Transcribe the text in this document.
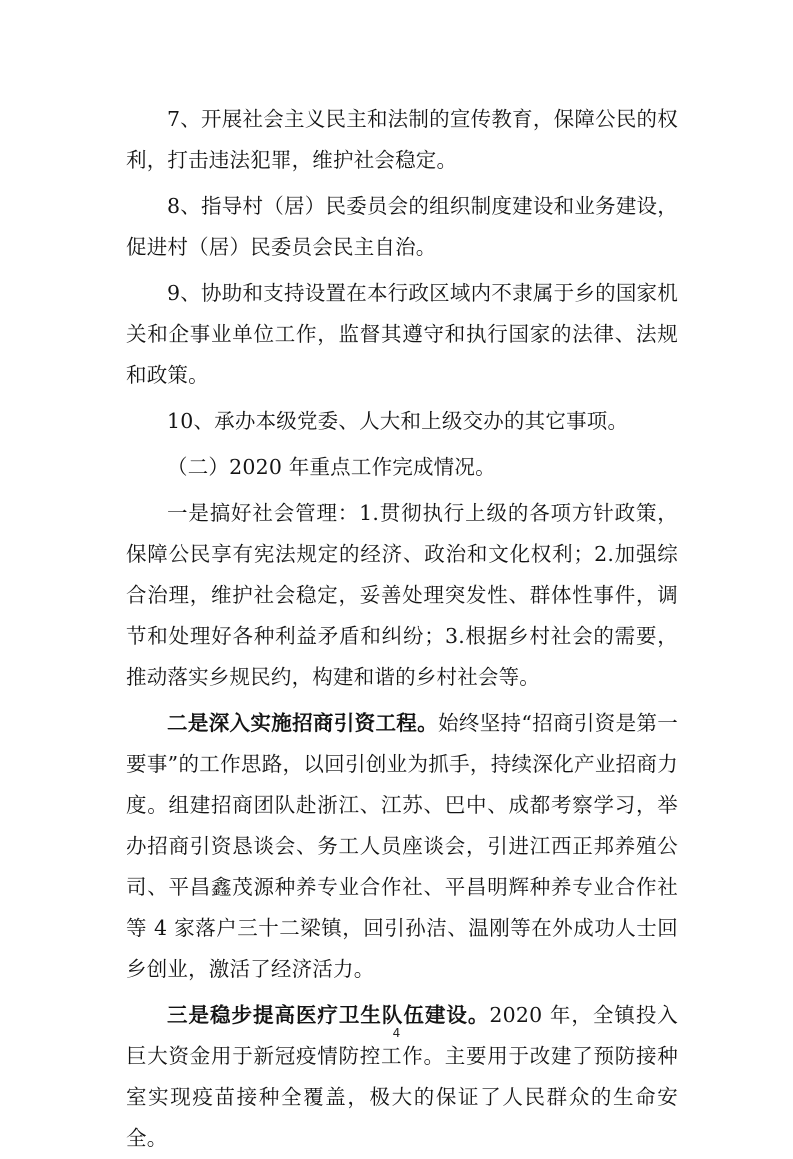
7、开展社会主义民主和法制的宣传教育，保障公民的权利，打击违法犯罪，维护社会稳定。

8、指导村（居）民委员会的组织制度建设和业务建设，促进村（居）民委员会民主自治。

9、协助和支持设置在本行政区域内不隶属于乡的国家机关和企事业单位工作，监督其遵守和执行国家的法律、法规和政策。

10、承办本级党委、人大和上级交办的其它事项。

（二）2020 年重点工作完成情况。

一是搞好社会管理：1.贯彻执行上级的各项方针政策，保障公民享有宪法规定的经济、政治和文化权利；2.加强综合治理，维护社会稳定，妥善处理突发性、群体性事件，调节和处理好各种利益矛盾和纠纷；3.根据乡村社会的需要，推动落实乡规民约，构建和谐的乡村社会等。

二是深入实施招商引资工程。始终坚持“招商引资是第一要事”的工作思路，以回引创业为抓手，持续深化产业招商力度。组建招商团队赴浙江、江苏、巴中、成都考察学习，举办招商引资恳谈会、务工人员座谈会，引进江西正邦养殖公司、平昌鑫茂源种养专业合作社、平昌明辉种养专业合作社等 4 家落户三十二梁镇，回引孙洁、温刚等在外成功人士回乡创业，激活了经济活力。

三是稳步提高医疗卫生队伍建设。2020 年，全镇投入巨大资金用于新冠疫情防控工作。主要用于改建了预防接种室实现疫苗接种全覆盖，极大的保证了人民群众的生命安全。

4
